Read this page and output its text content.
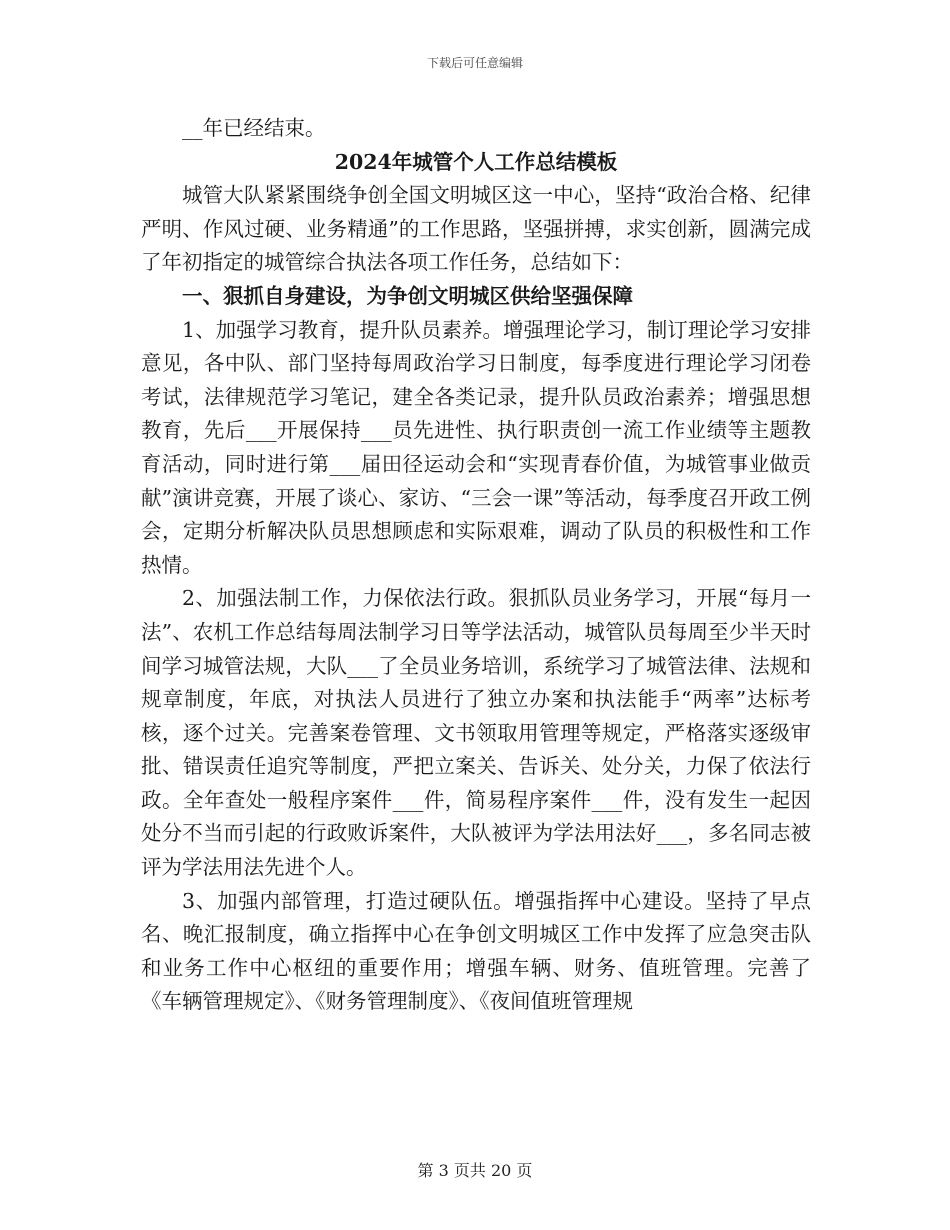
下载后可任意编辑

__年已经结束。

2024年城管个人工作总结模板

城管大队紧紧围绕争创全国文明城区这一中心，坚持“政治合格、纪律严明、作风过硬、业务精通”的工作思路，坚强拼搏，求实创新，圆满完成了年初指定的城管综合执法各项工作任务，总结如下：

一、狠抓自身建设，为争创文明城区供给坚强保障

1、加强学习教育，提升队员素养。增强理论学习，制订理论学习安排意见，各中队、部门坚持每周政治学习日制度，每季度进行理论学习闭卷考试，法律规范学习笔记，建全各类记录，提升队员政治素养；增强思想教育，先后___开展保持___员先进性、执行职责创一流工作业绩等主题教育活动，同时进行第___届田径运动会和“实现青春价值，为城管事业做贡献”演讲竞赛，开展了谈心、家访、“三会一课”等活动，每季度召开政工例会，定期分析解决队员思想顾虑和实际艰难，调动了队员的积极性和工作热情。

2、加强法制工作，力保依法行政。狠抓队员业务学习，开展“每月一法”、农机工作总结每周法制学习日等学法活动，城管队员每周至少半天时间学习城管法规，大队___了全员业务培训，系统学习了城管法律、法规和规章制度，年底，对执法人员进行了独立办案和执法能手“两率”达标考核，逐个过关。完善案卷管理、文书领取用管理等规定，严格落实逐级审批、错误责任追究等制度，严把立案关、告诉关、处分关，力保了依法行政。全年查处一般程序案件___件，简易程序案件___件，没有发生一起因处分不当而引起的行政败诉案件，大队被评为学法用法好___，多名同志被评为学法用法先进个人。

3、加强内部管理，打造过硬队伍。增强指挥中心建设。坚持了早点名、晚汇报制度，确立指挥中心在争创文明城区工作中发挥了应急突击队和业务工作中心枢纽的重要作用；增强车辆、财务、值班管理。完善了《车辆管理规定》、《财务管理制度》、《夜间值班管理规

第 3 页共 20 页
